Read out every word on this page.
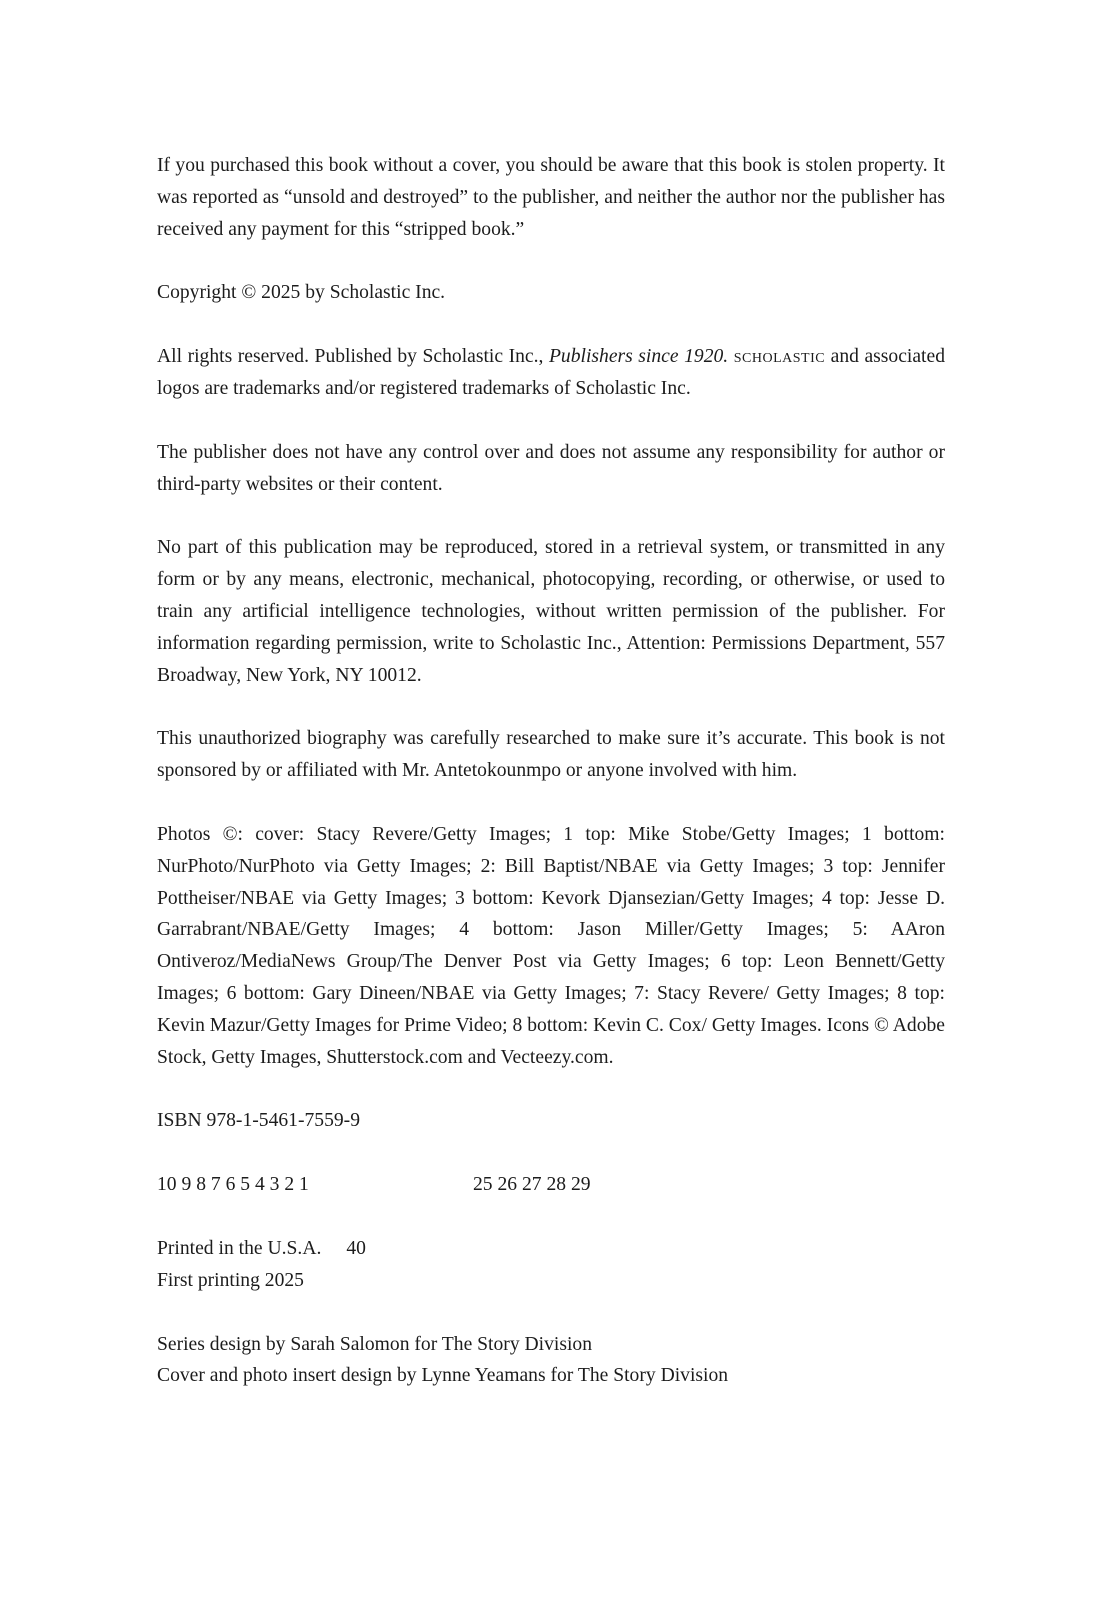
If you purchased this book without a cover, you should be aware that this book is stolen property. It was reported as “unsold and destroyed” to the publisher, and neither the author nor the publisher has received any payment for this “stripped book.”

Copyright © 2025 by Scholastic Inc.

All rights reserved. Published by Scholastic Inc., Publishers since 1920. scholastic and associated logos are trademarks and/or registered trademarks of Scholastic Inc.

The publisher does not have any control over and does not assume any responsibility for author or third-party websites or their content.

No part of this publication may be reproduced, stored in a retrieval system, or transmitted in any form or by any means, electronic, mechanical, photocopying, recording, or otherwise, or used to train any artificial intelligence technologies, without written permission of the publisher. For information regarding permission, write to Scholastic Inc., Attention: Permissions Department, 557 Broadway, New York, NY 10012.

This unauthorized biography was carefully researched to make sure it’s accurate. This book is not sponsored by or affiliated with Mr. Antetokounmpo or anyone involved with him.

Photos ©: cover: Stacy Revere/Getty Images; 1 top: Mike Stobe/Getty Images; 1 bottom: NurPhoto/NurPhoto via Getty Images; 2: Bill Baptist/NBAE via Getty Images; 3 top: Jennifer Pottheiser/NBAE via Getty Images; 3 bottom: Kevork Djansezian/Getty Images; 4 top: Jesse D. Garrabrant/NBAE/Getty Images; 4 bottom: Jason Miller/Getty Images; 5: AAron Ontiveroz/MediaNews Group/The Denver Post via Getty Images; 6 top: Leon Bennett/Getty Images; 6 bottom: Gary Dineen/NBAE via Getty Images; 7: Stacy Revere/ Getty Images; 8 top: Kevin Mazur/Getty Images for Prime Video; 8 bottom: Kevin C. Cox/ Getty Images. Icons © Adobe Stock, Getty Images, Shutterstock.com and Vecteezy.com.

ISBN 978-1-5461-7559-9

10 9 8 7 6 5 4 3 2 1	25 26 27 28 29
Printed in the U.S.A. 40
First printing 2025
Series design by Sarah Salomon for The Story Division
Cover and photo insert design by Lynne Yeamans for The Story Division
